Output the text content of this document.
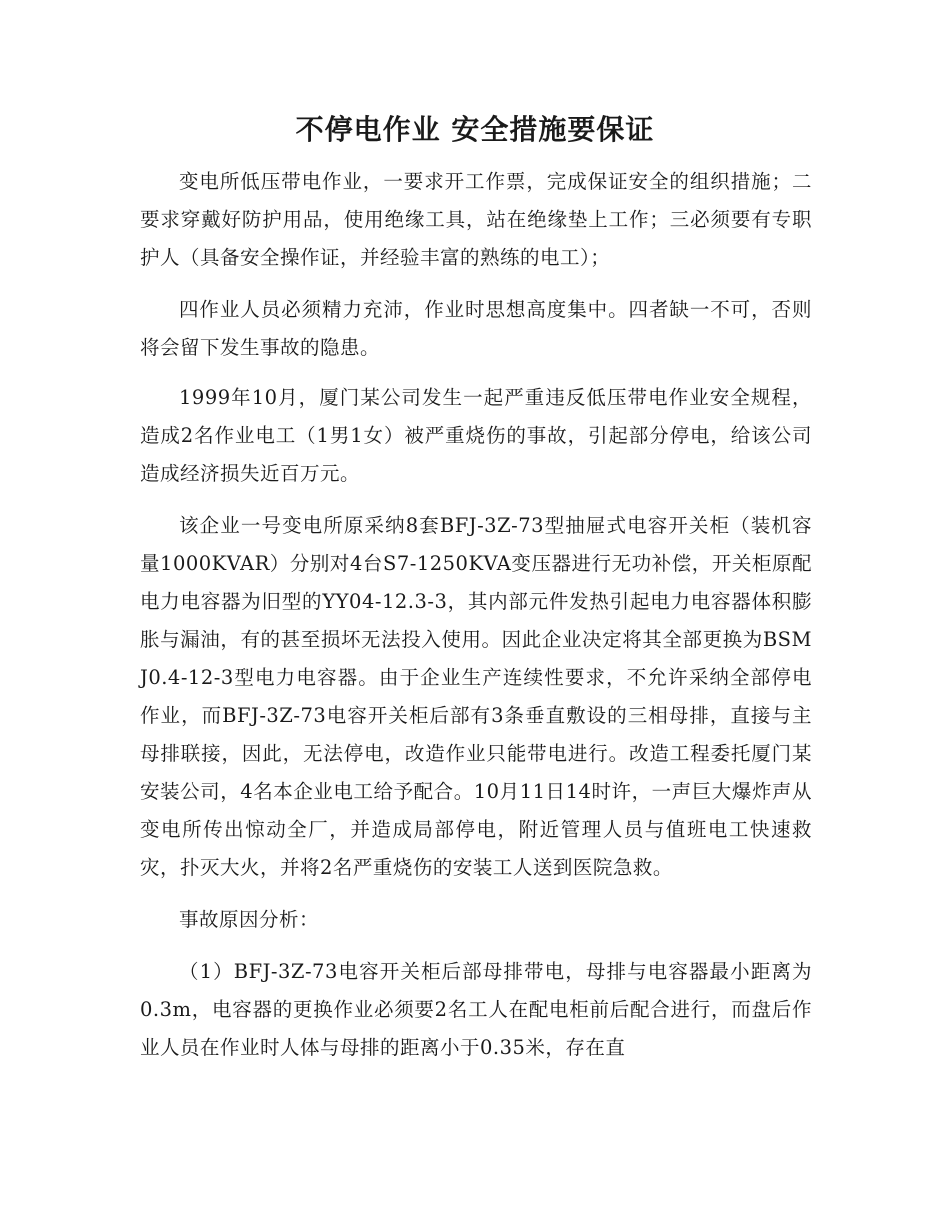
不停电作业 安全措施要保证

变电所低压带电作业，一要求开工作票，完成保证安全的组织措施；二要求穿戴好防护用品，使用绝缘工具，站在绝缘垫上工作；三必须要有专职护人（具备安全操作证，并经验丰富的熟练的电工）；

四作业人员必须精力充沛，作业时思想高度集中。四者缺一不可，否则将会留下发生事故的隐患。

1999年10月，厦门某公司发生一起严重违反低压带电作业安全规程，造成2名作业电工（1男1女）被严重烧伤的事故，引起部分停电，给该公司造成经济损失近百万元。

该企业一号变电所原采纳8套BFJ-3Z-73型抽屉式电容开关柜（装机容量1000KVAR）分别对4台S7-1250KVA变压器进行无功补偿，开关柜原配电力电容器为旧型的YY04-12.3-3，其内部元件发热引起电力电容器体积膨胀与漏油，有的甚至损坏无法投入使用。因此企业决定将其全部更换为BSMJ0.4-12-3型电力电容器。由于企业生产连续性要求，不允许采纳全部停电作业，而BFJ-3Z-73电容开关柜后部有3条垂直敷设的三相母排，直接与主母排联接，因此，无法停电，改造作业只能带电进行。改造工程委托厦门某安装公司，4名本企业电工给予配合。10月11日14时许，一声巨大爆炸声从变电所传出惊动全厂，并造成局部停电，附近管理人员与值班电工快速救灾，扑灭大火，并将2名严重烧伤的安装工人送到医院急救。

事故原因分析：

（1）BFJ-3Z-73电容开关柜后部母排带电，母排与电容器最小距离为0.3m，电容器的更换作业必须要2名工人在配电柜前后配合进行，而盘后作业人员在作业时人体与母排的距离小于0.35米，存在直
